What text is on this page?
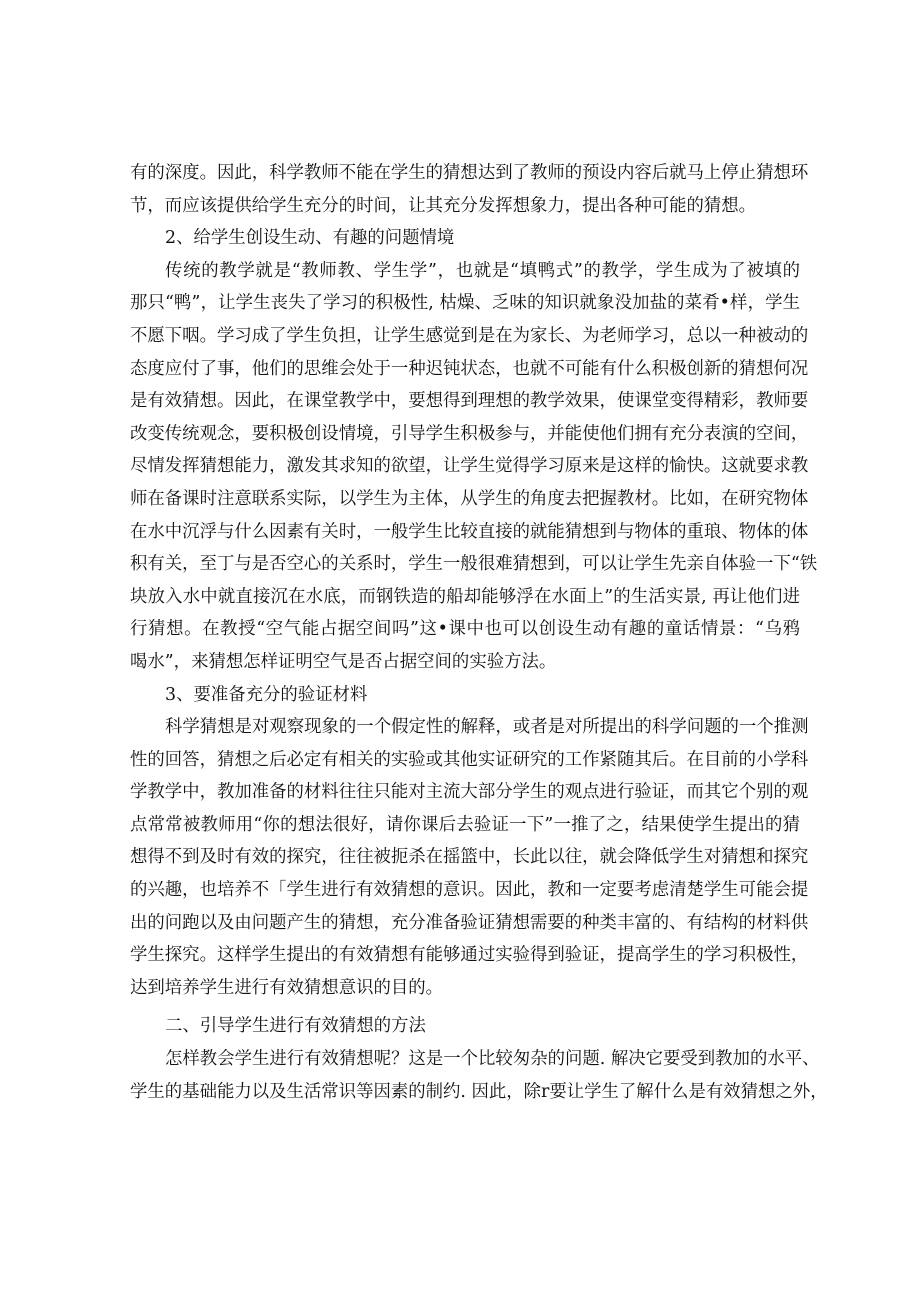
有的深度。因此，科学教师不能在学生的猜想达到了教师的预设内容后就马上停止猜想环
节，而应该提供给学生充分的时间，让其充分发挥想象力，提出各种可能的猜想。
2、给学生创设生动、有趣的问题情境
传统的教学就是“教师教、学生学”，也就是“填鸭式”的教学，学生成为了被填的
那只“鸭”，让学生丧失了学习的积极性, 枯燥、乏味的知识就象没加盐的菜肴•样，学生
不愿下咽。学习成了学生负担，让学生感觉到是在为家长、为老师学习，总以一种被动的
态度应付了事，他们的思维会处于一种迟钝状态，也就不可能有什么积极创新的猜想何况
是有效猜想。因此，在课堂教学中，要想得到理想的教学效果，使课堂变得精彩，教师要
改变传统观念，要积极创设情境，引导学生积极参与，并能使他们拥有充分表演的空间，
尽情发挥猜想能力，激发其求知的欲望，让学生觉得学习原来是这样的愉快。这就要求教
师在备课时注意联系实际，以学生为主体，从学生的角度去把握教材。比如，在研究物体
在水中沉浮与什么因素有关时，一般学生比较直接的就能猜想到与物体的重琅、物体的体
积有关，至丁与是否空心的关系时，学生一般很难猜想到，可以让学生先亲自体验一下“铁
块放入水中就直接沉在水底，而钢铁造的船却能够浮在水面上”的生活实景, 再让他们进
行猜想。在教授“空气能占据空间吗”这•课中也可以创设生动有趣的童话情景：“乌鸦
喝水”，来猜想怎样证明空气是否占据空间的实验方法。
3、要准备充分的验证材料
科学猜想是对观察现象的一个假定性的解释，或者是对所提出的科学问题的一个推测
性的回答，猜想之后必定有相关的实验或其他实证研究的工作紧随其后。在目前的小学科
学教学中，教加准备的材料往往只能对主流大部分学生的观点进行验证，而其它个别的观
点常常被教师用“你的想法很好，请你课后去验证一下”一推了之，结果使学生提出的猜
想得不到及时有效的探究，往往被扼杀在摇篮中，长此以往，就会降低学生对猜想和探究
的兴趣，也培养不「学生进行有效猜想的意识。因此，教和一定要考虑清楚学生可能会提
出的问跑以及由问题产生的猜想，充分准备验证猜想需要的种类丰富的、有结构的材料供
学生探究。这样学生提出的有效猜想有能够通过实验得到验证，提高学生的学习积极性，
达到培养学生进行有效猜想意识的目的。
二、引导学生进行有效猜想的方法
怎样教会学生进行有效猜想呢？这是一个比较匆杂的问题. 解决它要受到教加的水平、
学生的基础能力以及生活常识等因素的制约. 因此，除r要让学生了解什么是有效猜想之外，
